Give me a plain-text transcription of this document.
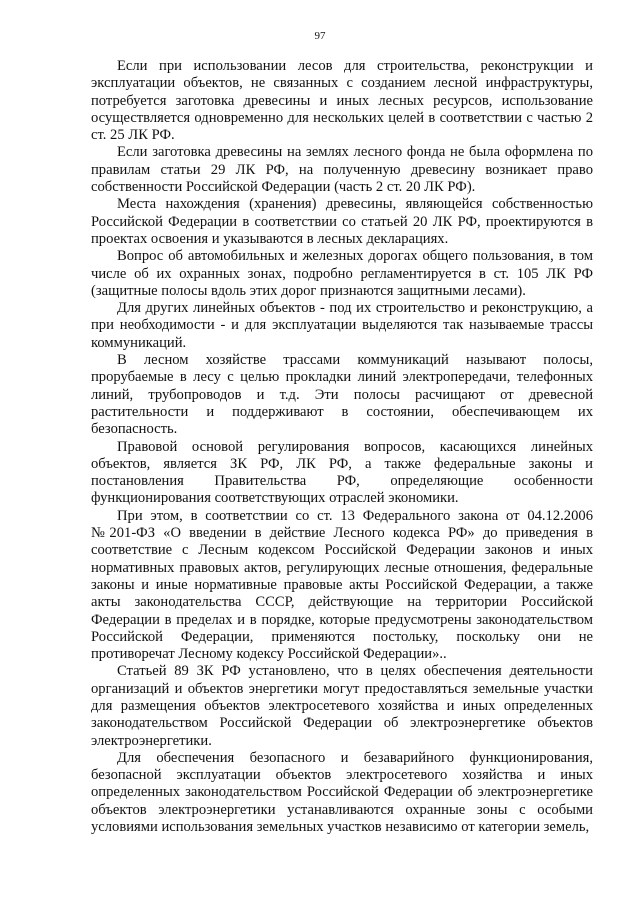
97

Если при использовании лесов для строительства, реконструкции и эксплуатации объектов, не связанных с созданием лесной инфраструктуры, потребуется заготовка древесины и иных лесных ресурсов, использование осуществляется одновременно для нескольких целей в соответствии с частью 2 ст. 25 ЛК РФ.

Если заготовка древесины на землях лесного фонда не была оформлена по правилам статьи 29 ЛК РФ, на полученную древесину возникает право собственности Российской Федерации (часть 2 ст. 20 ЛК РФ).

Места нахождения (хранения) древесины, являющейся собственностью Российской Федерации в соответствии со статьей 20 ЛК РФ, проектируются в проектах освоения и указываются в лесных декларациях.

Вопрос об автомобильных и железных дорогах общего пользования, в том числе об их охранных зонах, подробно регламентируется в ст. 105 ЛК РФ (защитные полосы вдоль этих дорог признаются защитными лесами).

Для других линейных объектов - под их строительство и реконструкцию, а при необходимости - и для эксплуатации выделяются так называемые трассы коммуникаций.

В лесном хозяйстве трассами коммуникаций называют полосы, прорубаемые в лесу с целью прокладки линий электропередачи, телефонных линий, трубопроводов и т.д. Эти полосы расчищают от древесной растительности и поддерживают в состоянии, обеспечивающем их безопасность.

Правовой основой регулирования вопросов, касающихся линейных объектов, является ЗК РФ, ЛК РФ, а также федеральные законы и постановления Правительства РФ, определяющие особенности функционирования соответствующих отраслей экономики.

При этом, в соответствии со ст. 13 Федерального закона от 04.12.2006 №201-ФЗ «О введении в действие Лесного кодекса РФ» до приведения в соответствие с Лесным кодексом Российской Федерации законов и иных нормативных правовых актов, регулирующих лесные отношения, федеральные законы и иные нормативные правовые акты Российской Федерации, а также акты законодательства СССР, действующие на территории Российской Федерации в пределах и в порядке, которые предусмотрены законодательством Российской Федерации, применяются постольку, поскольку они не противоречат Лесному кодексу Российской Федерации»..

Статьей 89 ЗК РФ установлено, что в целях обеспечения деятельности организаций и объектов энергетики могут предоставляться земельные участки для размещения объектов электросетевого хозяйства и иных определенных законодательством Российской Федерации об электроэнергетике объектов электроэнергетики.

Для обеспечения безопасного и безаварийного функционирования, безопасной эксплуатации объектов электросетевого хозяйства и иных определенных законодательством Российской Федерации об электроэнергетике объектов электроэнергетики устанавливаются охранные зоны с особыми условиями использования земельных участков независимо от категории земель,
